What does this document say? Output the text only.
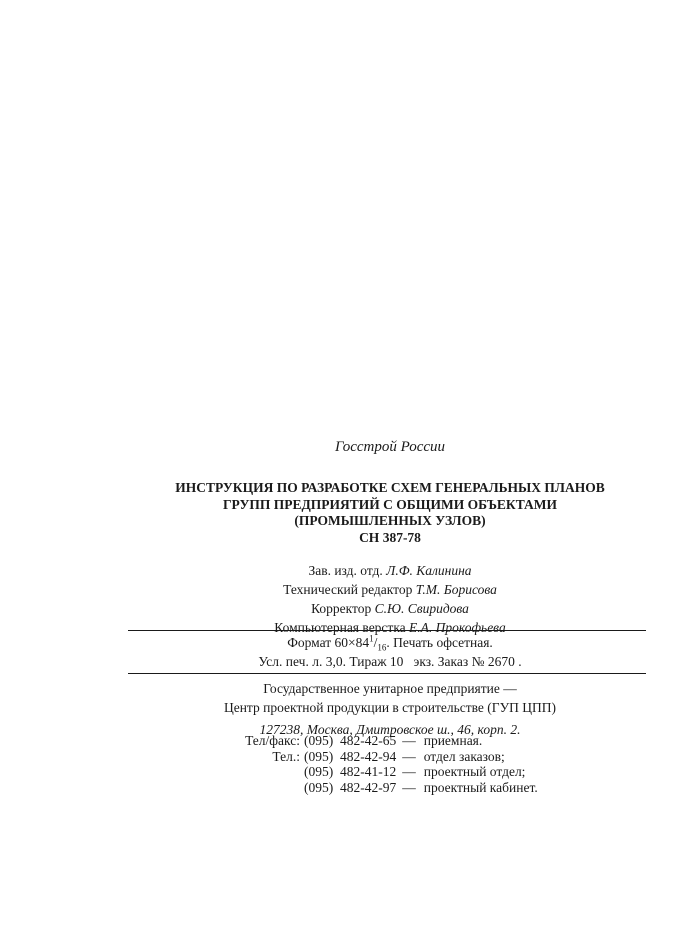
Госстрой России
ИНСТРУКЦИЯ ПО РАЗРАБОТКЕ СХЕМ ГЕНЕРАЛЬНЫХ ПЛАНОВ
ГРУПП ПРЕДПРИЯТИЙ С ОБЩИМИ ОБЪЕКТАМИ
(ПРОМЫШЛЕННЫХ УЗЛОВ)
СН 387-78
Зав. изд. отд. Л.Ф. Калинина
Технический редактор Т.М. Борисова
Корректор С.Ю. Свиридова
Компьютерная верстка Е.А. Прокофьева
Формат $60\times 84^1/_{16}$. Печать офсетная.
Усл. печ. л. 3,0. Тираж 10   экз. Заказ № 2670 .
Государственное унитарное предприятие —
Центр проектной продукции в строительстве (ГУП ЦПП)
127238, Москва, Дмитровское ш., 46, корп. 2.
Тел/факс:	(095)  482-42-65	—	приемная.
Тел.:	(095)  482-42-94	—	отдел заказов;
	(095)  482-41-12	—	проектный отдел;
	(095)  482-42-97	—	проектный кабинет.
